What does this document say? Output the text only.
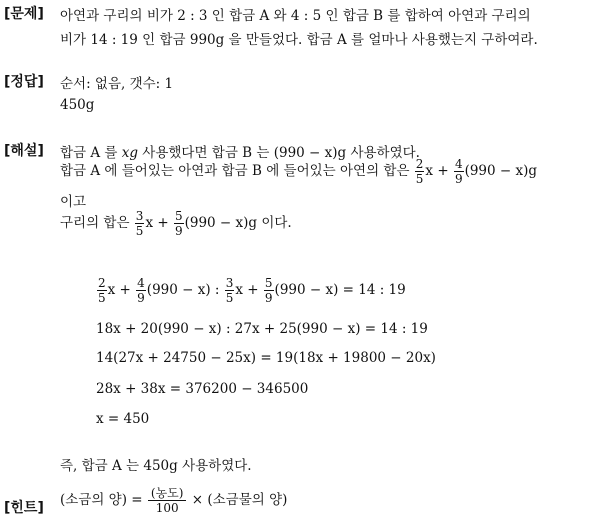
[문제] 아연과 구리의 비가 2 : 3 인 합금 A 와 4 : 5 인 합금 B 를 합하여 아연과 구리의
비가 14 : 19 인 합금 990g 을 만들었다. 합금 A 를 얼마나 사용했는지 구하여라.
[정답] 순서: 없음, 갯수: 1
450g
[해설] 합금 A 를 xg 사용했다면 합금 B 는 (990 − x)g 사용하였다.
합금 A 에 들어있는 아연과 합금 B 에 들어있는 아연의 합은 $\frac{2}{5}$ $x + \frac{4}{9} (990 - x)g$
이고
구리의 합은 $\frac{3}{5}$ $x + \frac{5}{9} (990 - x)g$ 이다.
$\frac{2}{5}$ $x + \frac{4}{9} (990 - x)$ : $\frac{3}{5}$ $x + \frac{5}{9} (990 - x) = 14$ : 19
18x + 20(990 − x) : 27x + 25(990 − x) = 14 : 19
14(27x + 24750 − 25x) = 19(18x + 19800 − 20x)
28x + 38x = 376200 − 346500
x = 450
즉, 합금 A 는 450g 사용하였다.
[힌트] (소금의 양) = (농도)
100 × (소금물의 양)
